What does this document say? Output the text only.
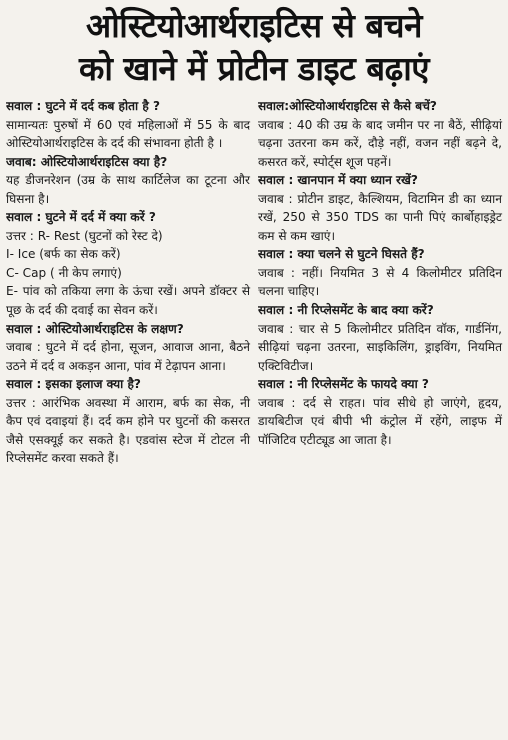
ओस्टियोआर्थराइटिस से बचने
को खाने में प्रोटीन डाइट बढ़ाएं
सवाल : घुटने में दर्द कब होता है ?
सामान्यतः पुरुषों में 60 एवं महिलाओं में 55 के बाद ओस्टियोआर्थराइटिस के दर्द की संभावना होती है ।
जवाब: ओस्टियोआर्थराइटिस क्या है?
यह डीजनरेशन (उम्र के साथ कार्टिलेज का टूटना और घिसना है।
सवाल : घुटने में दर्द में क्या करें ?
उत्तर : R- Rest (घुटनों को रेस्ट दे)
I- Ice (बर्फ का सेक करें)
C- Cap ( नी केप लगाएं)
E- पांव को तकिया लगा के ऊंचा रखें। अपने डॉक्टर से पूछ के दर्द की दवाई का सेवन करें।
सवाल : ओस्टियोआर्थराइटिस के लक्षण?
जवाब : घुटने में दर्द होना, सूजन, आवाज आना, बैठने उठने में दर्द व अकड़न आना, पांव में टेढ़ापन आना।
सवाल : इसका इलाज क्या है?
उत्तर : आरंभिक अवस्था में आराम, बर्फ का सेक, नी कैप एवं दवाइयां हैं। दर्द कम होने पर घुटनों की कसरत जैसे एसक्यूई कर सकते है। एडवांस स्टेज में टोटल नी रिप्लेसमेंट करवा सकते हैं।
सवाल:ओस्टियोआर्थराइटिस से कैसे बचें?
जवाब : 40 की उम्र के बाद जमीन पर ना बैठें, सीढ़ियां चढ़ना उतरना कम करें, दौड़े नहीं, वजन नहीं बढ़ने दे, कसरत करें, स्पोर्ट्स शूज पहनें।
सवाल : खानपान में क्या ध्यान रखें?
जवाब : प्रोटीन डाइट, कैल्शियम, विटामिन डी का ध्यान रखें, 250 से 350 TDS का पानी पिएं कार्बोहाइड्रेट कम से कम खाएं।
सवाल : क्या चलने से घुटने घिसते हैं?
जवाब : नहीं। नियमित 3 से 4 किलोमीटर प्रतिदिन चलना चाहिए।
सवाल : नी रिप्लेसमेंट के बाद क्या करें?
जवाब : चार से 5 किलोमीटर प्रतिदिन वॉक, गार्डनिंग, सीढ़ियां चढ़ना उतरना, साइकिलिंग, ड्राइविंग, नियमित एक्टिविटीज।
सवाल : नी रिप्लेसमेंट के फायदे क्या ?
जवाब : दर्द से राहत। पांव सीधे हो जाएंगे, हृदय, डायबिटीज एवं बीपी भी कंट्रोल में रहेंगे, लाइफ में पॉजिटिव एटीट्यूड आ जाता है।
